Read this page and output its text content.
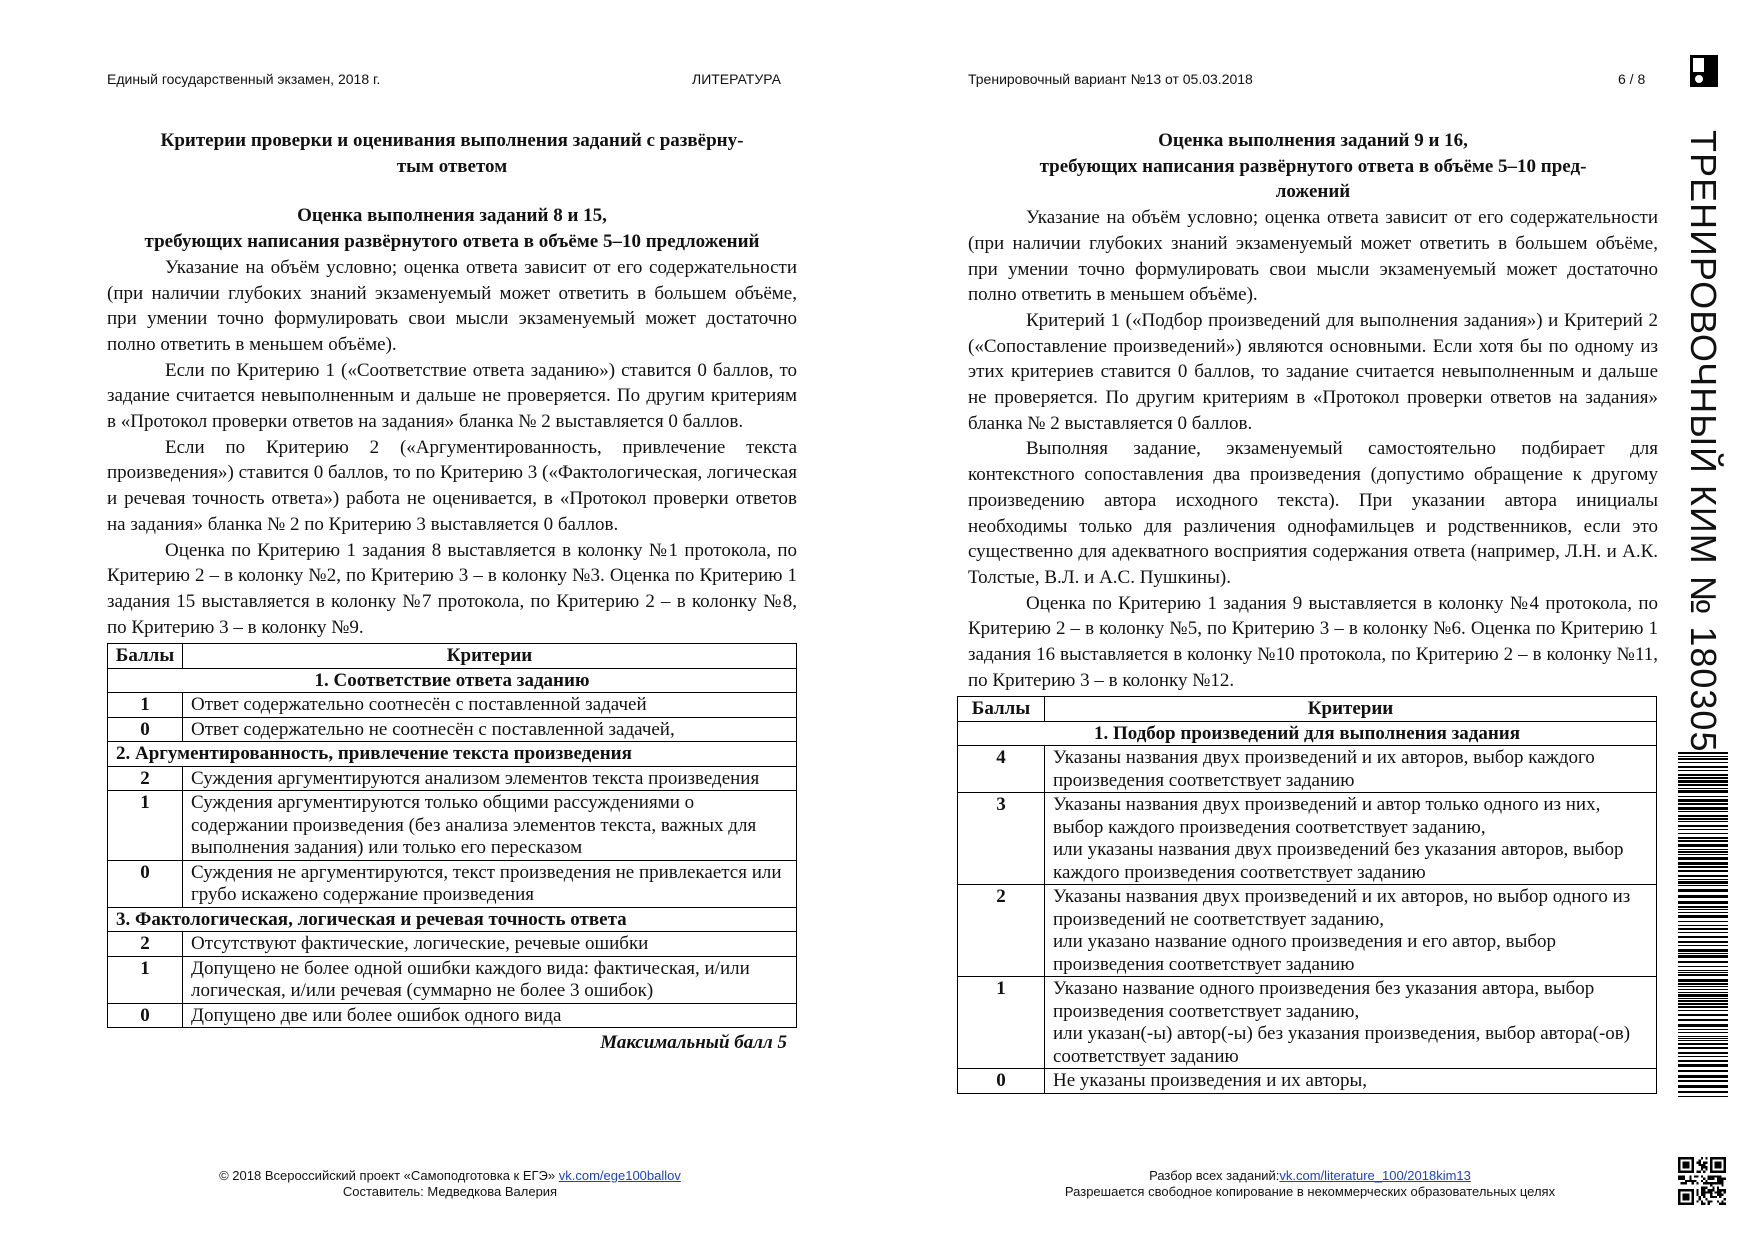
Единый государственный экзамен, 2018 г.	ЛИТЕРАТУРА	Тренировочный вариант №13 от 05.03.2018	6 / 8
Критерии проверки и оценивания выполнения заданий с развёрну-
тым ответом
Оценка выполнения заданий 8 и 15,
требующих написания развёрнутого ответа в объёме 5–10 предложений

Указание на объём условно; оценка ответа зависит от его содержательности (при наличии глубоких знаний экзаменуемый может ответить в большем объёме, при умении точно формулировать свои мысли экзаменуемый может достаточно полно ответить в меньшем объёме).

Если по Критерию 1 («Соответствие ответа заданию») ставится 0 баллов, то задание считается невыполненным и дальше не проверяется. По другим критериям в «Протокол проверки ответов на задания» бланка № 2 выставляется 0 баллов.

Если по Критерию 2 («Аргументированность, привлечение текста произведения») ставится 0 баллов, то по Критерию 3 («Фактологическая, логическая и речевая точность ответа») работа не оценивается, в «Протокол проверки ответов на задания» бланка № 2 по Критерию 3 выставляется 0 баллов.

Оценка по Критерию 1 задания 8 выставляется в колонку №1 протокола, по Критерию 2 – в колонку №2, по Критерию 3 – в колонку №3. Оценка по Критерию 1 задания 15 выставляется в колонку №7 протокола, по Критерию 2 – в колонку №8, по Критерию 3 – в колонку №9.

Баллы	Критерии
1. Соответствие ответа заданию	
1	Ответ содержательно соотнесён с поставленной задачей
0	Ответ содержательно не соотнесён с поставленной задачей,
2. Аргументированность, привлечение текста произведения	
2	Суждения аргументируются анализом элементов текста произведения
1	Суждения аргументируются только общими рассуждениями о содержании произведения (без анализа элементов текста, важных для выполнения задания) или только его пересказом
0	Суждения не аргументируются, текст произведения не привлекается или грубо искажено содержание произведения
3. Фактологическая, логическая и речевая точность ответа	
2	Отсутствуют фактические, логические, речевые ошибки
1	Допущено не более одной ошибки каждого вида: фактическая, и/или логическая, и/или речевая (суммарно не более 3 ошибок)
0	Допущено две или более ошибок одного вида
Максимальный балл 5
Оценка выполнения заданий 9 и 16,
требующих написания развёрнутого ответа в объёме 5–10 пред-
ложений

Указание на объём условно; оценка ответа зависит от его содержательности (при наличии глубоких знаний экзаменуемый может ответить в большем объёме, при умении точно формулировать свои мысли экзаменуемый может достаточно полно ответить в меньшем объёме).

Критерий 1 («Подбор произведений для выполнения задания») и Критерий 2 («Сопоставление произведений») являются основными. Если хотя бы по одному из этих критериев ставится 0 баллов, то задание считается невыполненным и дальше не проверяется. По другим критериям в «Протокол проверки ответов на задания» бланка № 2 выставляется 0 баллов.

Выполняя задание, экзаменуемый самостоятельно подбирает для контекстного сопоставления два произведения (допустимо обращение к другому произведению автора исходного текста). При указании автора инициалы необходимы только для различения однофамильцев и родственников, если это существенно для адекватного восприятия содержания ответа (например, Л.Н. и А.К. Толстые, В.Л. и А.С. Пушкины).

Оценка по Критерию 1 задания 9 выставляется в колонку №4 протокола, по Критерию 2 – в колонку №5, по Критерию 3 – в колонку №6. Оценка по Критерию 1 задания 16 выставляется в колонку №10 протокола, по Критерию 2 – в колонку №11, по Критерию 3 – в колонку №12.

Баллы	Критерии
1. Подбор произведений для выполнения задания	
4	Указаны названия двух произведений и их авторов, выбор каждого произведения соответствует заданию
3	Указаны названия двух произведений и автор только одного из них, выбор каждого произведения соответствует заданию,
или указаны названия двух произведений без указания авторов, выбор каждого произведения соответствует заданию
2	Указаны названия двух произведений и их авторов, но выбор одного из произведений не соответствует заданию,
или указано название одного произведения и его автор, выбор произведения соответствует заданию
1	Указано название одного произведения без указания автора, выбор произведения соответствует заданию,
или указан(-ы) автор(-ы) без указания произведения, выбор автора(-ов) соответствует заданию
0	Не указаны произведения и их авторы,
© 2018 Всероссийский проект «Самоподготовка к ЕГЭ» vk.com/ege100ballov
Составитель: Медведкова Валерия
Разбор всех заданий:vk.com/literature_100/2018kim13
Разрешается свободное копирование в некоммерческих образовательных целях
ТРЕНИРОВОЧНЫЙ КИМ № 180305
